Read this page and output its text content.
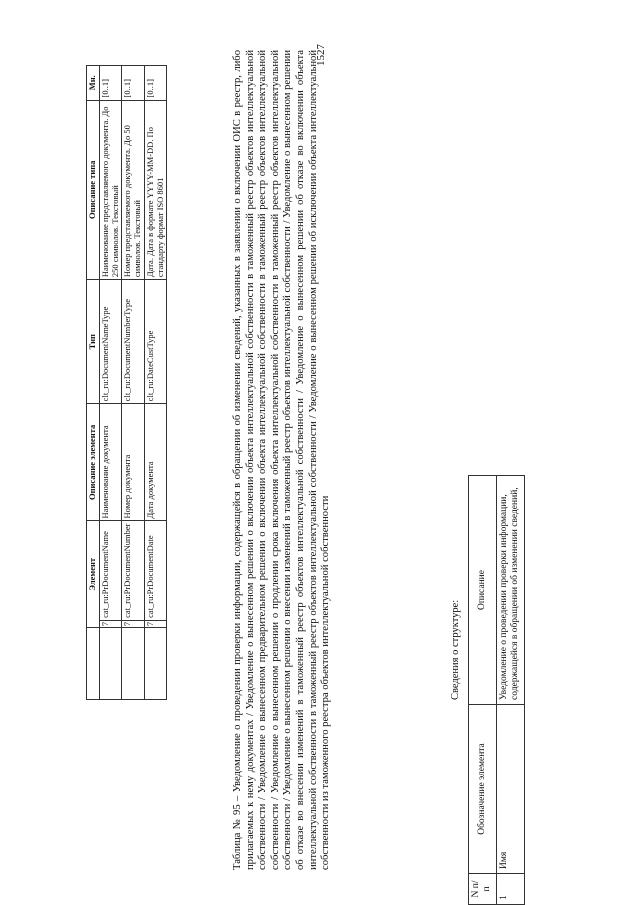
1527
	Элемент		Описание элемента	Тип	Описание типа	Мн.
	7	cat_ru:PrDocumentName	Наименование документа	clt_ru:DocumentNameType	Наименование представляемого документа. До 250 символов. Текстовый	[0..1]
	7	cat_ru:PrDocumentNumber	Номер документа	clt_ru:DocumentNumberType	Номер представляемого документа. До 50 символов. Текстовый	[0..1]
	7	cat_ru:PrDocumentDate	Дата документа	clt_ru:DateCustType	Дата. Дата в формате YYYY-MM-DD. По стандарту формат ISO 8601	[0..1]	Таблица № 95 – Уведомление о проведении проверки информации, содержащейся в обращении об изменении сведений, указанных в заявлении о включении ОИС в реестр, либо прилагаемых к нему документах / Уведомление о вынесенном решении о включении объекта интеллектуальной собственности в таможенный реестр объектов интеллектуальной собственности / Уведомление о вынесенном предварительном решении о включении объекта интеллектуальной собственности в таможенный реестр объектов интеллектуальной собственности / Уведомление о вынесенном решении о продлении срока включения объекта интеллектуальной собственности в таможенный реестр объектов интеллектуальной собственности / Уведомление о вынесенном решении о внесении изменений в таможенный реестр объектов интеллектуальной собственности / Уведомление о вынесенном решении об отказе во внесении изменений в таможенный реестр объектов интеллектуальной собственности / Уведомление о вынесенном решении об отказе во включении объекта интеллектуальной собственности в таможенный реестр объектов интеллектуальной собственности / Уведомление о вынесенном решении об исключении объекта интеллектуальной собственности из таможенного реестра объектов интеллектуальной собственности	Сведения о структуре:
N п/п	Обозначение элемента	Описание
1	Имя	Уведомление о проведении проверки информации, содержащейся в обращении об изменении сведений,
